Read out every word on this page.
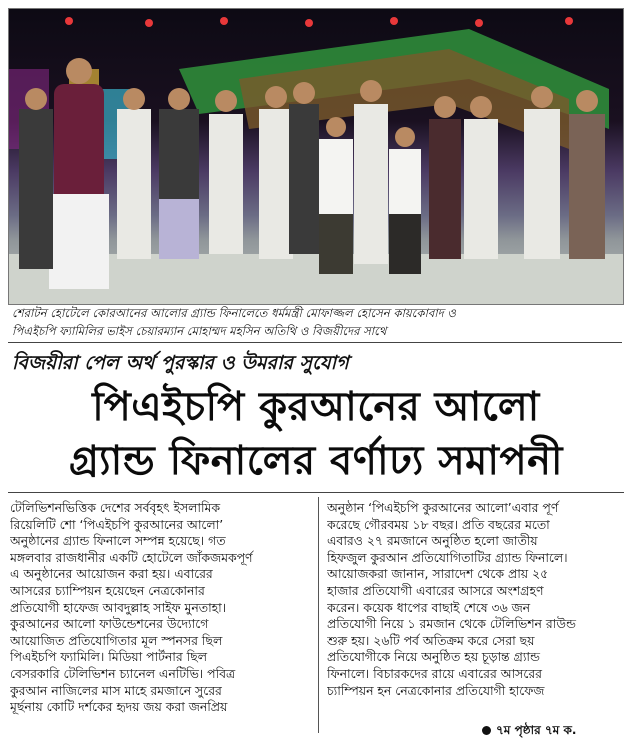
শেরাটন হোটেলে কোরআনের আলোর গ্র্যান্ড ফিনালেতে ধর্মমন্ত্রী মোফাজ্জল হোসেন কায়কোবাদ ও
পিএইচপি ফ্যামিলির ভাইস চেয়ারম্যান মোহাম্মদ মহসিন অতিথি ও বিজয়ীদের সাথে
বিজয়ীরা পেল অর্থ পুরস্কার ও উমরার সুযোগ
পিএইচপি কুরআনের আলো
গ্র্যান্ড ফিনালের বর্ণাঢ্য সমাপনী

টেলিভিশনভিত্তিক দেশের সর্ববৃহৎ ইসলামিক

রিয়েলিটি শো ‘পিএইচপি কুরআনের আলো’

অনুষ্ঠানের গ্র্যান্ড ফিনালে সম্পন্ন হয়েছে। গত

মঙ্গলবার রাজধানীর একটি হোটেলে জাঁকজমকপূর্ণ

এ অনুষ্ঠানের আয়োজন করা হয়। এবারের

আসরের চ্যাম্পিয়ন হয়েছেন নেত্রকোনার

প্রতিযোগী হাফেজ আবদুল্লাহ সাইফ মুনতাহা।

কুরআনের আলো ফাউন্ডেশনের উদ্যোগে

আয়োজিত প্রতিযোগিতার মূল স্পনসর ছিল

পিএইচপি ফ্যামিলি। মিডিয়া পার্টনার ছিল

বেসরকারি টেলিভিশন চ্যানেল এনটিভি। পবিত্র

কুরআন নাজিলের মাস মাহে রমজানে সুরের

মূর্ছনায় কোটি দর্শকের হৃদয় জয় করা জনপ্রিয়

অনুষ্ঠান ‘পিএইচপি কুরআনের আলো’এবার পূর্ণ

করেছে গৌরবময় ১৮ বছর। প্রতি বছরের মতো

এবারও ২৭ রমজানে অনুষ্ঠিত হলো জাতীয়

হিফজুল কুরআন প্রতিযোগিতাটির গ্র্যান্ড ফিনালে।

আয়োজকরা জানান, সারাদেশ থেকে প্রায় ২৫

হাজার প্রতিযোগী এবারের আসরে অংশগ্রহণ

করেন। কয়েক ধাপের বাছাই শেষে ৩৬ জন

প্রতিযোগী নিয়ে ১ রমজান থেকে টেলিভিশন রাউন্ড

শুরু হয়। ২৬টি পর্ব অতিক্রম করে সেরা ছয়

প্রতিযোগীকে নিয়ে অনুষ্ঠিত হয় চূড়ান্ত গ্র্যান্ড

ফিনালে। বিচারকদের রায়ে এবারের আসরের

চ্যাম্পিয়ন হন নেত্রকোনার প্রতিযোগী হাফেজ

৭ম পৃষ্ঠার ৭ম ক.
